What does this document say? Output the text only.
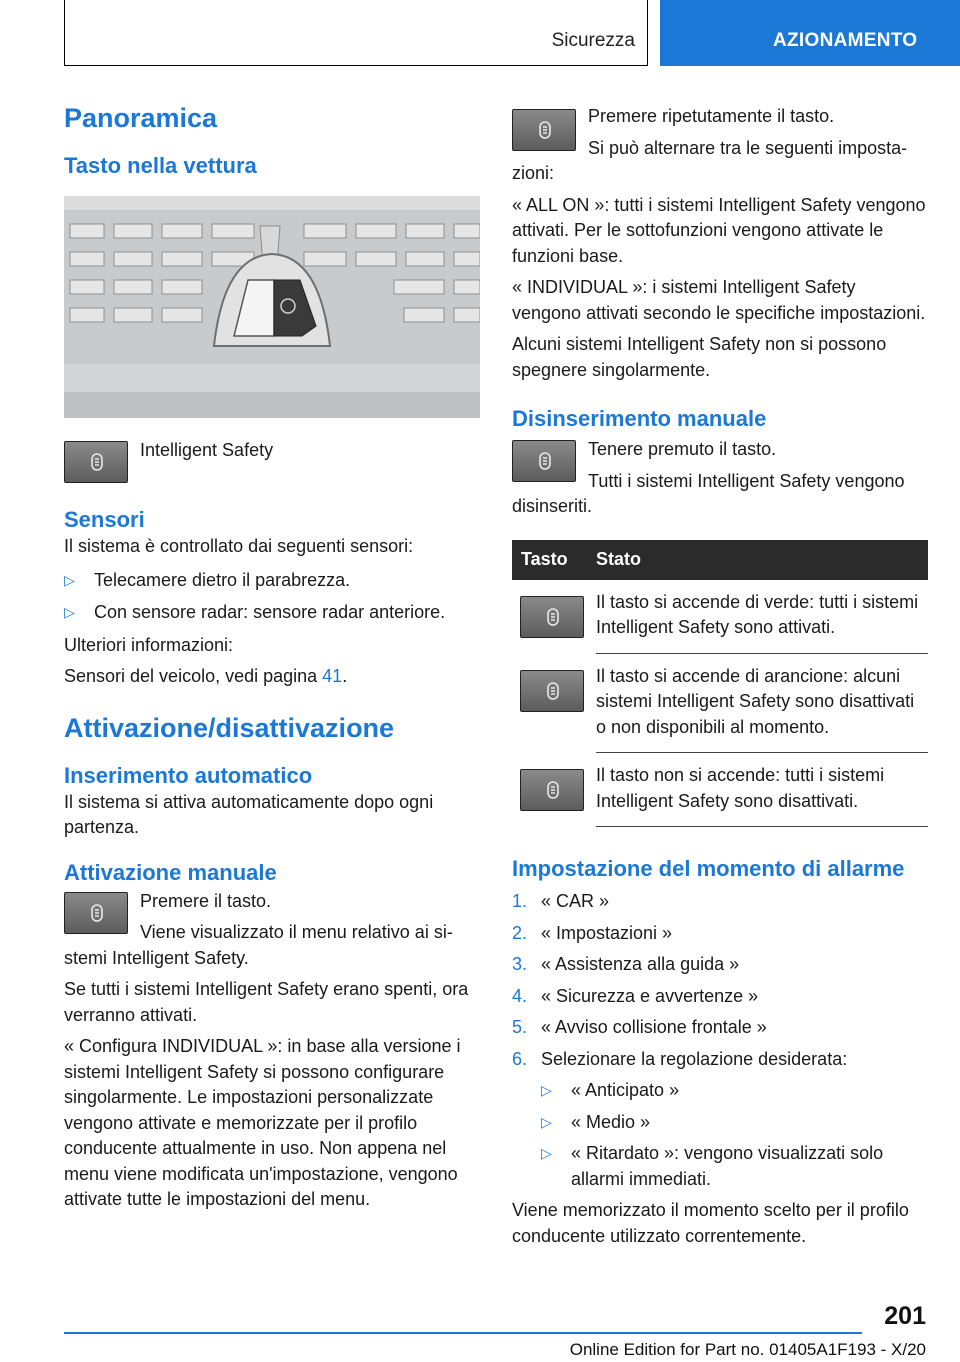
Sicurezza	AZIONAMENTO
Panoramica
Tasto nella vettura

Intelligent Safety

Sensori

Il sistema è controllato dai seguenti sensori:

▷	Telecamere dietro il parabrezza.
▷	Con sensore radar: sensore radar anteriore.

Ulteriori informazioni:

Sensori del veicolo, vedi pagina 41.

Attivazione/disattivazione
Inserimento automatico

Il sistema si attiva automaticamente dopo ogni partenza.

Attivazione manuale

Premere il tasto.

Viene visualizzato il menu relativo ai si-

stemi Intelligent Safety.

Se tutti i sistemi Intelligent Safety erano spenti, ora verranno attivati.

« Configura INDIVIDUAL »: in base alla versione i sistemi Intelligent Safety si possono configurare singolarmente. Le impostazioni personalizzate vengono attivate e memorizzate per il profilo conducente attualmente in uso. Non appena nel menu viene modificata un'impostazione, vengono attivate tutte le impostazioni del menu.

Premere ripetutamente il tasto.

Si può alternare tra le seguenti imposta-

zioni:

« ALL ON »: tutti i sistemi Intelligent Safety vengono attivati. Per le sottofunzioni vengono attivate le funzioni base.

« INDIVIDUAL »: i sistemi Intelligent Safety vengono attivati secondo le specifiche impostazioni.

Alcuni sistemi Intelligent Safety non si possono spegnere singolarmente.

Disinserimento manuale

Tenere premuto il tasto.

Tutti i sistemi Intelligent Safety vengono

disinseriti.

Tasto	Stato

	Il tasto si accende di verde: tutti i sistemi Intelligent Safety sono attivati.

	Il tasto si accende di arancione: alcuni sistemi Intelligent Safety sono disattivati o non disponibili al momento.

	Il tasto non si accende: tutti i sistemi Intelligent Safety sono disattivati.
Impostazione del momento di allarme
1. « CAR »
2. « Impostazioni »
3. « Assistenza alla guida »
4. « Sicurezza e avvertenze »
5. « Avviso collisione frontale »
6. Selezionare la regolazione desiderata:
▷	« Anticipato »
▷	« Medio »
▷	« Ritardato »: vengono visualizzati solo allarmi immediati.

Viene memorizzato il momento scelto per il profilo conducente utilizzato correntemente.

201
Online Edition for Part no. 01405A1F193 - X/20
